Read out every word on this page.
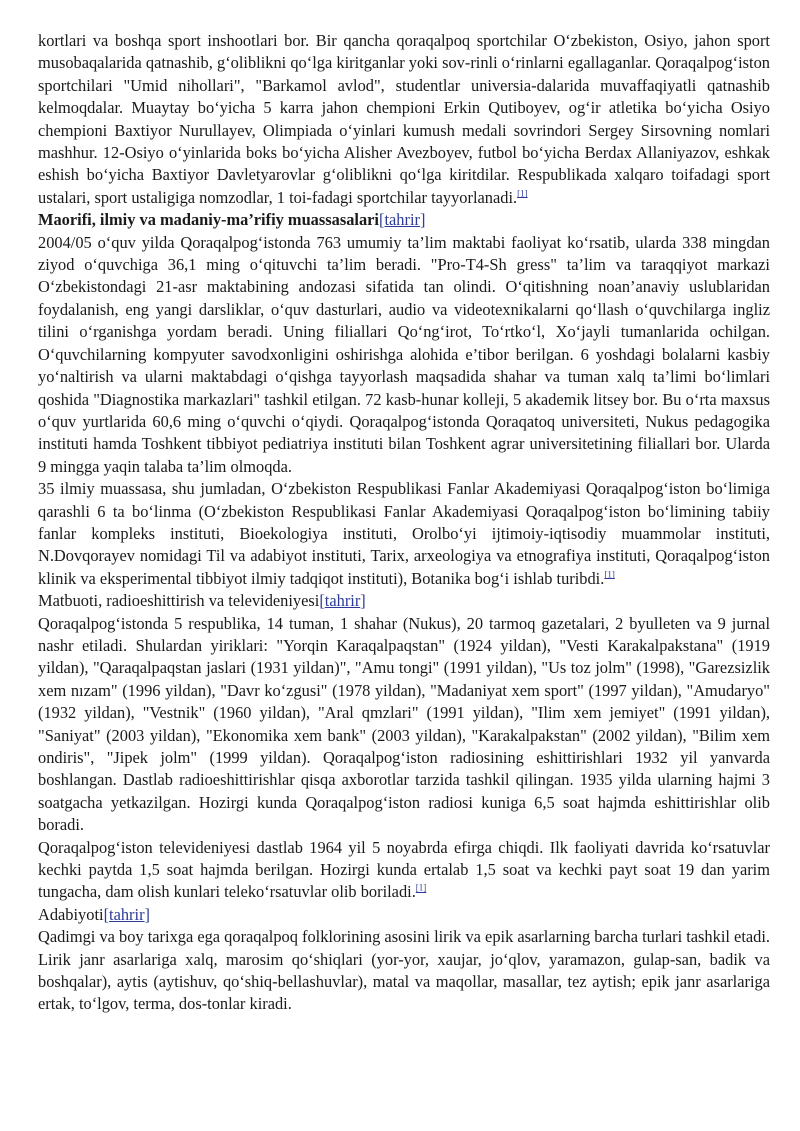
kortlari va boshqa sport inshootlari bor. Bir qancha qoraqalpoq sportchilar O‘zbekiston, Osiyo, jahon sport musobaqalarida qatnashib, g‘oliblikni qo‘lga kiritganlar yoki sov-rinli o‘rinlarni egallaganlar. Qoraqalpog‘iston sportchilari "Umid nihollari", "Barkamol avlod", studentlar universia-dalarida muvaffaqiyatli qatnashib kelmoqdalar. Muaytay bo‘yicha 5 karra jahon chempioni Erkin Qutiboyev, og‘ir atletika bo‘yicha Osiyo chempioni Baxtiyor Nurullayev, Olimpiada o‘yinlari kumush medali sovrindori Sergey Sirsovning nomlari mashhur. 12-Osiyo o‘yinlarida boks bo‘yicha Alisher Avezboyev, futbol bo‘yicha Berdax Allaniyazov, eshkak eshish bo‘yicha Baxtiyor Davletyarovlar g‘oliblikni qo‘lga kiritdilar. Respublikada xalqaro toifadagi sport ustalari, sport ustaligiga nomzodlar, 1 toi-fadagi sportchilar tayyorlanadi.[1]

Maorifi, ilmiy va madaniy-ma’rifiy muassasalari[tahrir]

2004/05 o‘quv yilda Qoraqalpog‘istonda 763 umumiy ta’lim maktabi faoliyat ko‘rsatib, ularda 338 mingdan ziyod o‘quvchiga 36,1 ming o‘qituvchi ta’lim beradi. "Pro-T4-Sh gress" ta’lim va taraqqiyot markazi O‘zbekistondagi 21-asr maktabining andozasi sifatida tan olindi. O‘qitishning noan’anaviy uslublaridan foydalanish, eng yangi darsliklar, o‘quv dasturlari, audio va videotexnikalarni qo‘llash o‘quvchilarga ingliz tilini o‘rganishga yordam beradi. Uning filiallari Qo‘ng‘irot, To‘rtko‘l, Xo‘jayli tumanlarida ochilgan. O‘quvchilarning kompyuter savodxonligini oshirishga alohida e’tibor berilgan. 6 yoshdagi bolalarni kasbiy yo‘naltirish va ularni maktabdagi o‘qishga tayyorlash maqsadida shahar va tuman xalq ta’limi bo‘limlari qoshida "Diagnostika markazlari" tashkil etilgan. 72 kasb-hunar kolleji, 5 akademik litsey bor. Bu o‘rta maxsus o‘quv yurtlarida 60,6 ming o‘quvchi o‘qiydi. Qoraqalpog‘istonda Qoraqatoq universiteti, Nukus pedagogika instituti hamda Toshkent tibbiyot pediatriya instituti bilan Toshkent agrar universitetining filiallari bor. Ularda 9 mingga yaqin talaba ta’lim olmoqda.

35 ilmiy muassasa, shu jumladan, O‘zbekiston Respublikasi Fanlar Akademiyasi Qoraqalpog‘iston bo‘limiga qarashli 6 ta bo‘linma (O‘zbekiston Respublikasi Fanlar Akademiyasi Qoraqalpog‘iston bo‘limining tabiiy fanlar kompleks instituti, Bioekologiya instituti, Orolbo‘yi ijtimoiy-iqtisodiy muammolar instituti, N.Dovqorayev nomidagi Til va adabiyot instituti, Tarix, arxeologiya va etnografiya instituti, Qoraqalpog‘iston klinik va eksperimental tibbiyot ilmiy tadqiqot instituti), Botanika bog‘i ishlab turibdi.[1]

Matbuoti, radioeshittirish va televideniyesi[tahrir]

Qoraqalpog‘istonda 5 respublika, 14 tuman, 1 shahar (Nukus), 20 tarmoq gazetalari, 2 byulleten va 9 jurnal nashr etiladi. Shulardan yiriklari: "Yorqin Karaqalpaqstan" (1924 yildan), "Vesti Karakalpakstana" (1919 yildan), "Qaraqalpaqstan jaslari (1931 yildan)", "Amu tongi" (1991 yildan), "Us toz jolm" (1998), "Garezsizlik xem nızam" (1996 yildan), "Davr ko‘zgusi" (1978 yildan), "Madaniyat xem sport" (1997 yildan), "Amudaryo" (1932 yildan), "Vestnik" (1960 yildan), "Aral qmzlari" (1991 yildan), "Ilim xem jemiyet" (1991 yildan), "Saniyat" (2003 yildan), "Ekonomika xem bank" (2003 yildan), "Karakalpakstan" (2002 yildan), "Bilim xem ondiris", "Jipek jolm" (1999 yildan). Qoraqalpog‘iston radiosining eshittirishlari 1932 yil yanvarda boshlangan. Dastlab radioeshittirishlar qisqa axborotlar tarzida tashkil qilingan. 1935 yilda ularning hajmi 3 soatgacha yetkazilgan. Hozirgi kunda Qoraqalpog‘iston radiosi kuniga 6,5 soat hajmda eshittirishlar olib boradi.

Qoraqalpog‘iston televideniyesi dastlab 1964 yil 5 noyabrda efirga chiqdi. Ilk faoliyati davrida ko‘rsatuvlar kechki paytda 1,5 soat hajmda berilgan. Hozirgi kunda ertalab 1,5 soat va kechki payt soat 19 dan yarim tungacha, dam olish kunlari teleko‘rsatuvlar olib boriladi.[1]

Adabiyoti[tahrir]

Qadimgi va boy tarixga ega qoraqalpoq folklorining asosini lirik va epik asarlarning barcha turlari tashkil etadi. Lirik janr asarlariga xalq, marosim qo‘shiqlari (yor-yor, xaujar, jo‘qlov, yaramazon, gulap-san, badik va boshqalar), aytis (aytishuv, qo‘shiq-bellashuvlar), matal va maqollar, masallar, tez aytish; epik janr asarlariga ertak, to‘lgov, terma, dos-tonlar kiradi.
